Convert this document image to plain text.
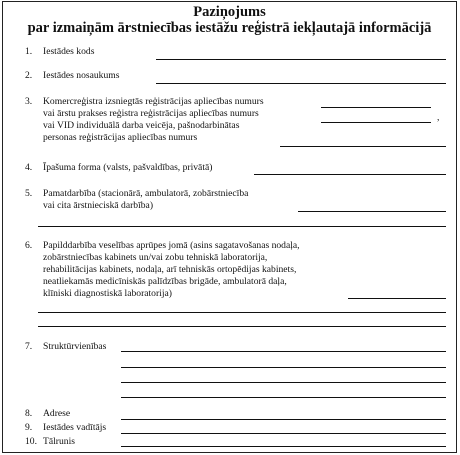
Paziņojums
par izmaiņām ārstniecības iestāžu reģistrā iekļautajā informācijā
1. Iestādes kods
2. Iestādes nosaukums
3. Komercreģistra izsniegtās reģistrācijas apliecības numurs
vai ārstu prakses reģistra reģistrācijas apliecības numurs
vai VID individuālā darba veicēja, pašnodarbinātas
personas reģistrācijas apliecības numurs
,
4. Īpašuma forma (valsts, pašvaldības, privātā)
5. Pamatdarbība (stacionārā, ambulatorā, zobārstniecība
vai cita ārstnieciskā darbība)
6. Papilddarbība veselības aprūpes jomā (asins sagatavošanas nodaļa,
zobārstniecības kabinets un/vai zobu tehniskā laboratorija,
rehabilitācijas kabinets, nodaļa, arī tehniskās ortopēdijas kabinets,
neatliekamās medicīniskās palīdzības brigāde, ambulatorā daļa,
klīniski diagnostiskā laboratorija)
7. Struktūrvienības
8. Adrese
9. Iestādes vadītājs
10. Tālrunis
